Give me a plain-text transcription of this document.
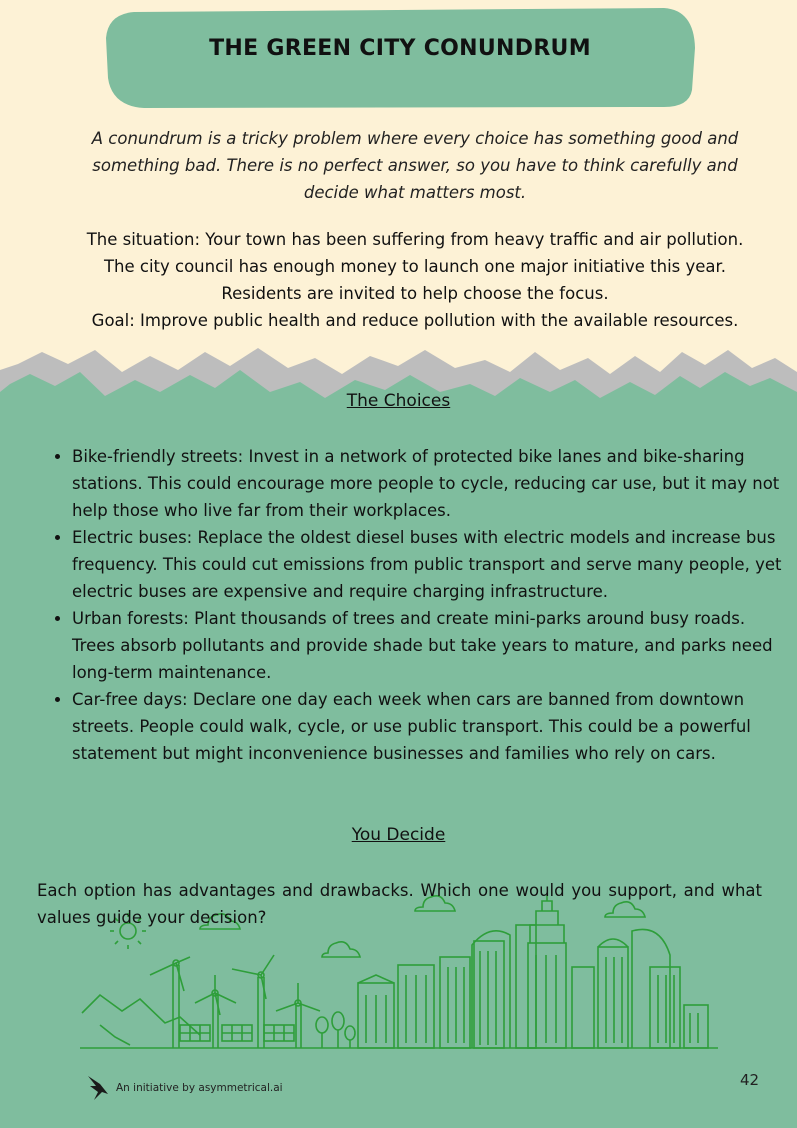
THE GREEN CITY CONUNDRUM
A conundrum is a tricky problem where every choice has something good and something bad. There is no perfect answer, so you have to think carefully and decide what matters most.

The situation: Your town has been suffering from heavy traffic and air pollution.

The city council has enough money to launch one major initiative this year.

Residents are invited to help choose the focus.

Goal: Improve public health and reduce pollution with the available resources.

The Choices
• Bike-friendly streets: Invest in a network of protected bike lanes and bike-sharing stations. This could encourage more people to cycle, reducing car use, but it may not help those who live far from their workplaces.
• Electric buses: Replace the oldest diesel buses with electric models and increase bus frequency. This could cut emissions from public transport and serve many people, yet electric buses are expensive and require charging infrastructure.
• Urban forests: Plant thousands of trees and create mini-parks around busy roads. Trees absorb pollutants and provide shade but take years to mature, and parks need long-term maintenance.
• Car-free days: Declare one day each week when cars are banned from downtown streets. People could walk, cycle, or use public transport. This could be a powerful statement but might inconvenience businesses and families who rely on cars.
You Decide
Each option has advantages and drawbacks. Which one would you support, and what values guide your decision?
An initiative by asymmetrical.ai	42
